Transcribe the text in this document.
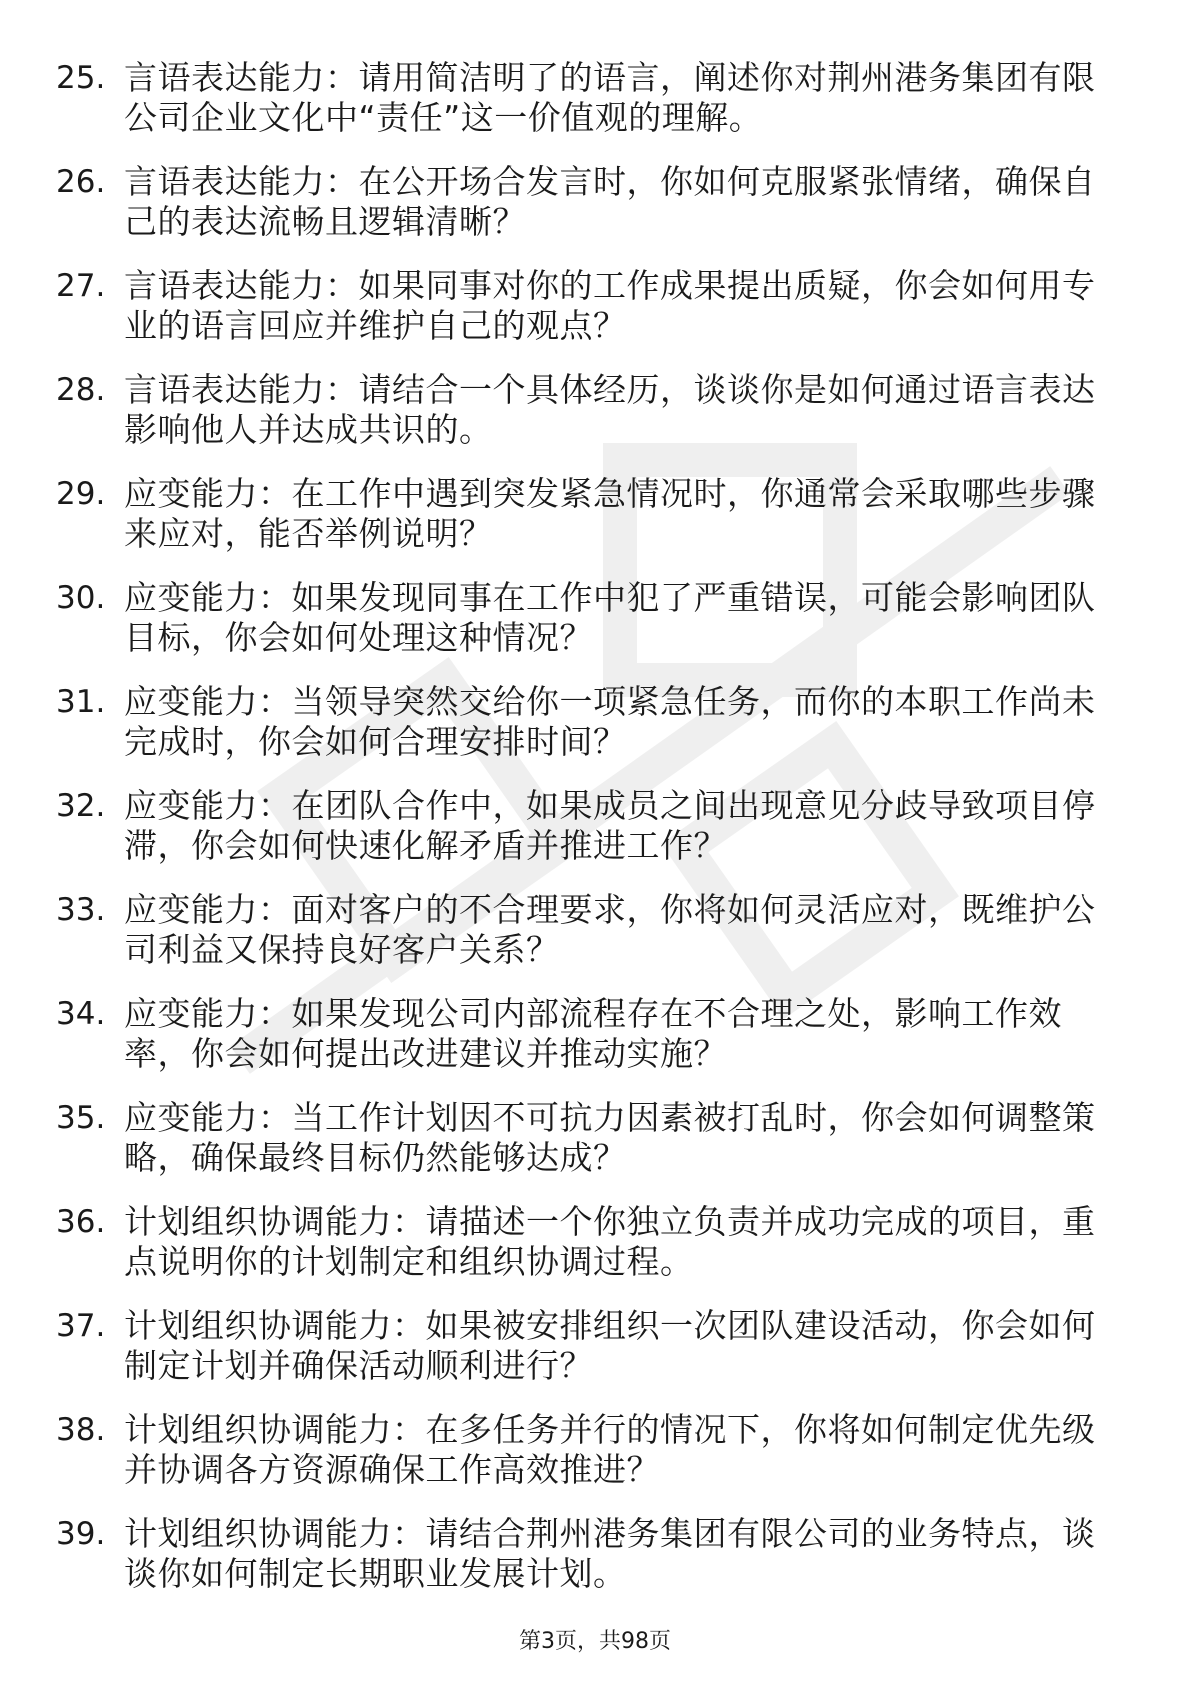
25. 言语表达能力：请用简洁明了的语言，阐述你对荆州港务集团有限公司企业文化中“责任”这一价值观的理解。
26. 言语表达能力：在公开场合发言时，你如何克服紧张情绪，确保自己的表达流畅且逻辑清晰？
27. 言语表达能力：如果同事对你的工作成果提出质疑，你会如何用专业的语言回应并维护自己的观点？
28. 言语表达能力：请结合一个具体经历，谈谈你是如何通过语言表达影响他人并达成共识的。
29. 应变能力：在工作中遇到突发紧急情况时，你通常会采取哪些步骤来应对，能否举例说明？
30. 应变能力：如果发现同事在工作中犯了严重错误，可能会影响团队目标，你会如何处理这种情况？
31. 应变能力：当领导突然交给你一项紧急任务，而你的本职工作尚未完成时，你会如何合理安排时间？
32. 应变能力：在团队合作中，如果成员之间出现意见分歧导致项目停滞，你会如何快速化解矛盾并推进工作？
33. 应变能力：面对客户的不合理要求，你将如何灵活应对，既维护公司利益又保持良好客户关系？
34. 应变能力：如果发现公司内部流程存在不合理之处，影响工作效率，你会如何提出改进建议并推动实施？
35. 应变能力：当工作计划因不可抗力因素被打乱时，你会如何调整策略，确保最终目标仍然能够达成？
36. 计划组织协调能力：请描述一个你独立负责并成功完成的项目，重点说明你的计划制定和组织协调过程。
37. 计划组织协调能力：如果被安排组织一次团队建设活动，你会如何制定计划并确保活动顺利进行？
38. 计划组织协调能力：在多任务并行的情况下，你将如何制定优先级并协调各方资源确保工作高效推进？
39. 计划组织协调能力：请结合荆州港务集团有限公司的业务特点，谈谈你如何制定长期职业发展计划。
第3页，共98页
